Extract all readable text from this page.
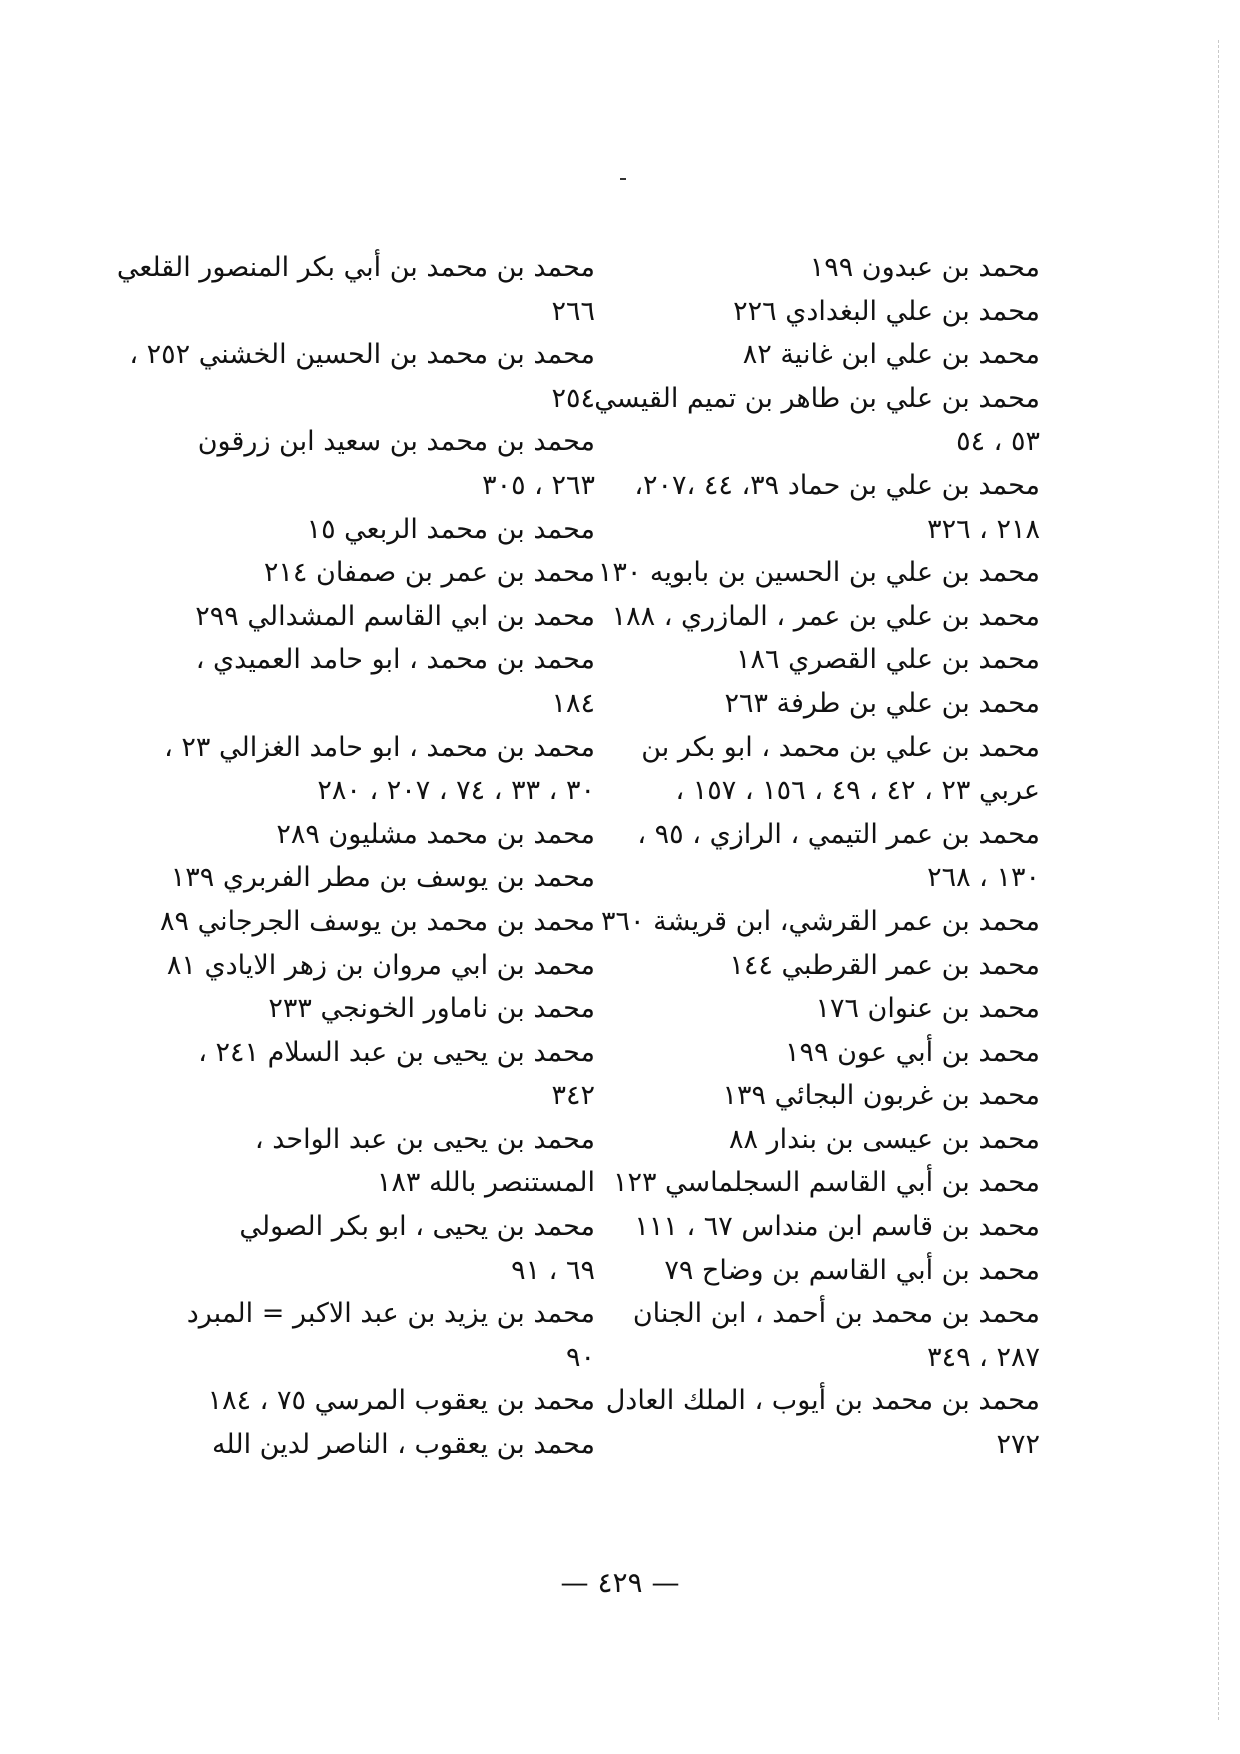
محمد بن عبدون ١٩٩
محمد بن علي البغدادي ٢٢٦
محمد بن علي ابن غانية ٨٢
محمد بن علي بن طاهر بن تميم القيسي
٥٣ ، ٥٤
محمد بن علي بن حماد ٣٩، ٤٤ ،٢٠٧،
٢١٨ ، ٣٢٦
محمد بن علي بن الحسين بن بابويه ١٣٠
محمد بن علي بن عمر ، المازري ، ١٨٨
محمد بن علي القصري ١٨٦
محمد بن علي بن طرفة ٢٦٣
محمد بن علي بن محمد ، ابو بكر بن
عربي ٢٣ ، ٤٢ ، ٤٩ ، ١٥٦ ، ١٥٧ ،
محمد بن عمر التيمي ، الرازي ، ٩٥ ،
١٣٠ ، ٢٦٨
محمد بن عمر القرشي، ابن قريشة ٣٦٠
محمد بن عمر القرطبي ١٤٤
محمد بن عنوان ١٧٦
محمد بن أبي عون ١٩٩
محمد بن غربون البجائي ١٣٩
محمد بن عيسى بن بندار ٨٨
محمد بن أبي القاسم السجلماسي ١٢٣
محمد بن قاسم ابن منداس ٦٧ ، ١١١
محمد بن أبي القاسم بن وضاح ٧٩
محمد بن محمد بن أحمد ، ابن الجنان
٢٨٧ ، ٣٤٩
محمد بن محمد بن أيوب ، الملك العادل
٢٧٢
محمد بن محمد بن أبي بكر المنصور القلعي
٢٦٦
محمد بن محمد بن الحسين الخشني ٢٥٢ ،
٢٥٤
محمد بن محمد بن سعيد ابن زرقون
٢٦٣ ، ٣٠٥
محمد بن محمد الربعي ١٥
محمد بن عمر بن صمفان ٢١٤
محمد بن ابي القاسم المشدالي ٢٩٩
محمد بن محمد ، ابو حامد العميدي ،
١٨٤
محمد بن محمد ، ابو حامد الغزالي ٢٣ ،
٣٠ ، ٣٣ ، ٧٤ ، ٢٠٧ ، ٢٨٠
محمد بن محمد مشليون ٢٨٩
محمد بن يوسف بن مطر الفربري ١٣٩
محمد بن محمد بن يوسف الجرجاني ٨٩
محمد بن ابي مروان بن زهر الايادي ٨١
محمد بن ناماور الخونجي ٢٣٣
محمد بن يحيى بن عبد السلام ٢٤١ ،
٣٤٢
محمد بن يحيى بن عبد الواحد ،
المستنصر بالله ١٨٣
محمد بن يحيى ، ابو بكر الصولي
٦٩ ، ٩١
محمد بن يزيد بن عبد الاكبر = المبرد
٩٠
محمد بن يعقوب المرسي ٧٥ ، ١٨٤
محمد بن يعقوب ، الناصر لدين الله
— ٤٢٩ —
